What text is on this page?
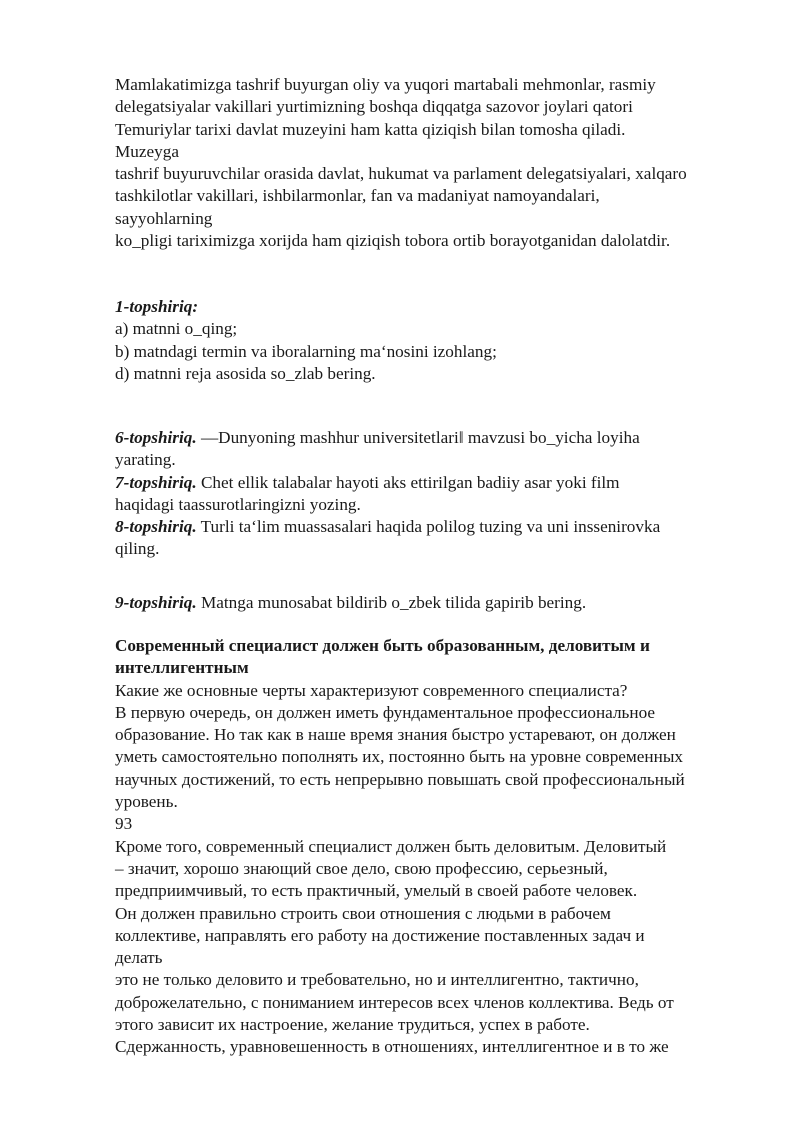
Mamlakatimizga tashrif buyurgan oliy va yuqori martabali mehmonlar, rasmiy
delegatsiyalar vakillari yurtimizning boshqa diqqatga sazovor joylari qatori
Temuriylar tarixi davlat muzeyini ham katta qiziqish bilan tomosha qiladi.
Muzeyga
tashrif buyuruvchilar orasida davlat, hukumat va parlament delegatsiyalari, xalqaro
tashkilotlar vakillari, ishbilarmonlar, fan va madaniyat namoyandalari,
sayyohlarning
ko_pligi tariximizga xorijda ham qiziqish tobora ortib borayotganidan dalolatdir.
1-topshiriq:
a) matnni o_qing;
b) matndagi termin va iboralarning ma‘nosini izohlang;
d) matnni reja asosida so_zlab bering.
6-topshiriq. ―Dunyoning mashhur universitetlari‖ mavzusi bo_yicha loyiha
yarating.
7-topshiriq. Chet ellik talabalar hayoti aks ettirilgan badiiy asar yoki film
haqidagi taassurotlaringizni yozing.
8-topshiriq. Turli ta‘lim muassasalari haqida polilog tuzing va uni inssenirovka
qiling.
9-topshiriq. Matnga munosabat bildirib o_zbek tilida gapirib bering.
Современный специалист должен быть образованным, деловитым и
интеллигентным
Какие же основные черты характеризуют современного специалиста?
В первую очередь, он должен иметь фундаментальное профессиональное
образование. Но так как в наше время знания быстро устаревают, он должен
уметь самостоятельно пополнять их, постоянно быть на уровне современных
научных достижений, то есть непрерывно повышать свой профессиональный
уровень.
93
Кроме того, современный специалист должен быть деловитым. Деловитый
– значит, хорошо знающий свое дело, свою профессию, серьезный,
предприимчивый, то есть практичный, умелый в своей работе человек.
Он должен правильно строить свои отношения с людьми в рабочем
коллективе, направлять его работу на достижение поставленных задач и
делать
это не только деловито и требовательно, но и интеллигентно, тактично,
доброжелательно, с пониманием интересов всех членов коллектива. Ведь от
этого зависит их настроение, желание трудиться, успех в работе.
Сдержанность, уравновешенность в отношениях, интеллигентное и в то же
